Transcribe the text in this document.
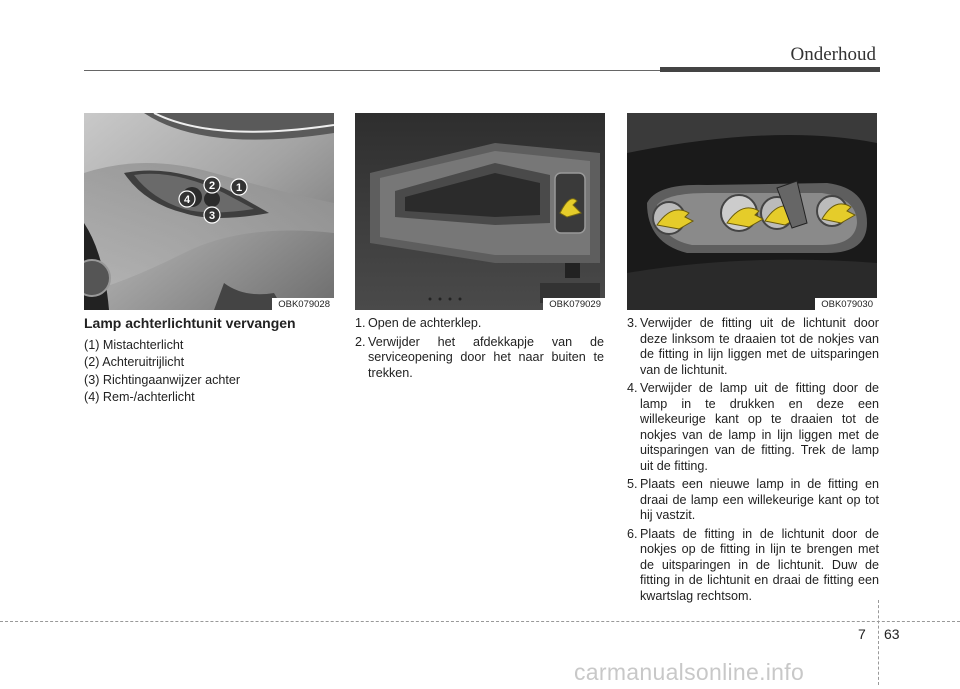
Onderhoud
1
2
3
4
OBK079028	OBK079029	OBK079030
Lamp achterlichtunit vervangen
(1) Mistachterlicht
(2) Achteruitrijlicht
(3) Richtingaanwijzer achter
(4) Rem-/achterlicht
1. Open de achterklep.
2. Verwijder het afdekkapje van de serviceopening door het naar buiten te trekken.
3. Verwijder de fitting uit de lichtunit door deze linksom te draaien tot de nokjes van de fitting in lijn liggen met de uitsparingen van de lichtunit.
4. Verwijder de lamp uit de fitting door de lamp in te drukken en deze een willekeurige kant op te draaien tot de nokjes van de lamp in lijn liggen met de uitsparingen van de fitting. Trek de lamp uit de fitting.
5. Plaats een nieuwe lamp in de fitting en draai de lamp een willekeurige kant op tot hij vastzit.
6. Plaats de fitting in de lichtunit door de nokjes op de fitting in lijn te brengen met de uitsparingen in de lichtunit. Duw de fitting in de lichtunit en draai de fitting een kwartslag rechtsom.
7 63
carmanualsonline.info
